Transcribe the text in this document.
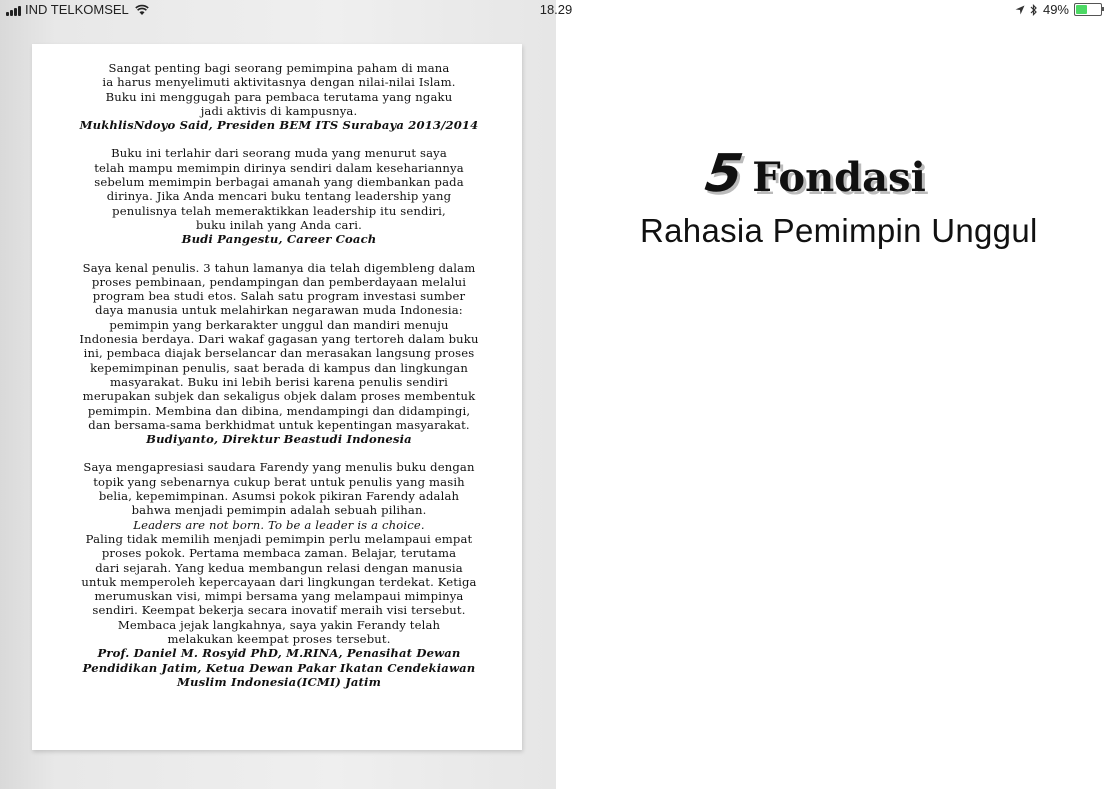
IND TELKOMSEL	18.29	49%
Sangat penting bagi seorang pemimpina paham di mana
ia harus menyelimuti aktivitasnya dengan nilai-nilai Islam.
Buku ini menggugah para pembaca terutama yang ngaku
jadi aktivis di kampusnya.
MukhlisNdoyo Said, Presiden BEM ITS Surabaya 2013/2014
Buku ini terlahir dari seorang muda yang menurut saya
telah mampu memimpin dirinya sendiri dalam kesehariannya
sebelum memimpin berbagai amanah yang diembankan pada
dirinya. Jika Anda mencari buku tentang leadership yang
penulisnya telah memeraktikkan leadership itu sendiri,
buku inilah yang Anda cari.
Budi Pangestu, Career Coach
Saya kenal penulis. 3 tahun lamanya dia telah digembleng dalam
proses pembinaan, pendampingan dan pemberdayaan melalui
program bea studi etos. Salah satu program investasi sumber
daya manusia untuk melahirkan negarawan muda Indonesia:
pemimpin yang berkarakter unggul dan mandiri menuju
Indonesia berdaya. Dari wakaf gagasan yang tertoreh dalam buku
ini, pembaca diajak berselancar dan merasakan langsung proses
kepemimpinan penulis, saat berada di kampus dan lingkungan
masyarakat. Buku ini lebih berisi karena penulis sendiri
merupakan subjek dan sekaligus objek dalam proses membentuk
pemimpin. Membina dan dibina, mendampingi dan didampingi,
dan bersama-sama berkhidmat untuk kepentingan masyarakat.
Budiyanto, Direktur Beastudi Indonesia
Saya mengapresiasi saudara Farendy yang menulis buku dengan
topik yang sebenarnya cukup berat untuk penulis yang masih
belia, kepemimpinan. Asumsi pokok pikiran Farendy adalah
bahwa menjadi pemimpin adalah sebuah pilihan.
Leaders are not born. To be a leader is a choice.
Paling tidak memilih menjadi pemimpin perlu melampaui empat
proses pokok. Pertama membaca zaman. Belajar, terutama
dari sejarah. Yang kedua membangun relasi dengan manusia
untuk memperoleh kepercayaan dari lingkungan terdekat. Ketiga
merumuskan visi, mimpi bersama yang melampaui mimpinya
sendiri. Keempat bekerja secara inovatif meraih visi tersebut.
Membaca jejak langkahnya, saya yakin Ferandy telah
melakukan keempat proses tersebut.
Prof. Daniel M. Rosyid PhD, M.RINA, Penasihat Dewan
Pendidikan Jatim, Ketua Dewan Pakar Ikatan Cendekiawan
Muslim Indonesia(ICMI) Jatim
5 Fondasi
Rahasia Pemimpin Unggul
